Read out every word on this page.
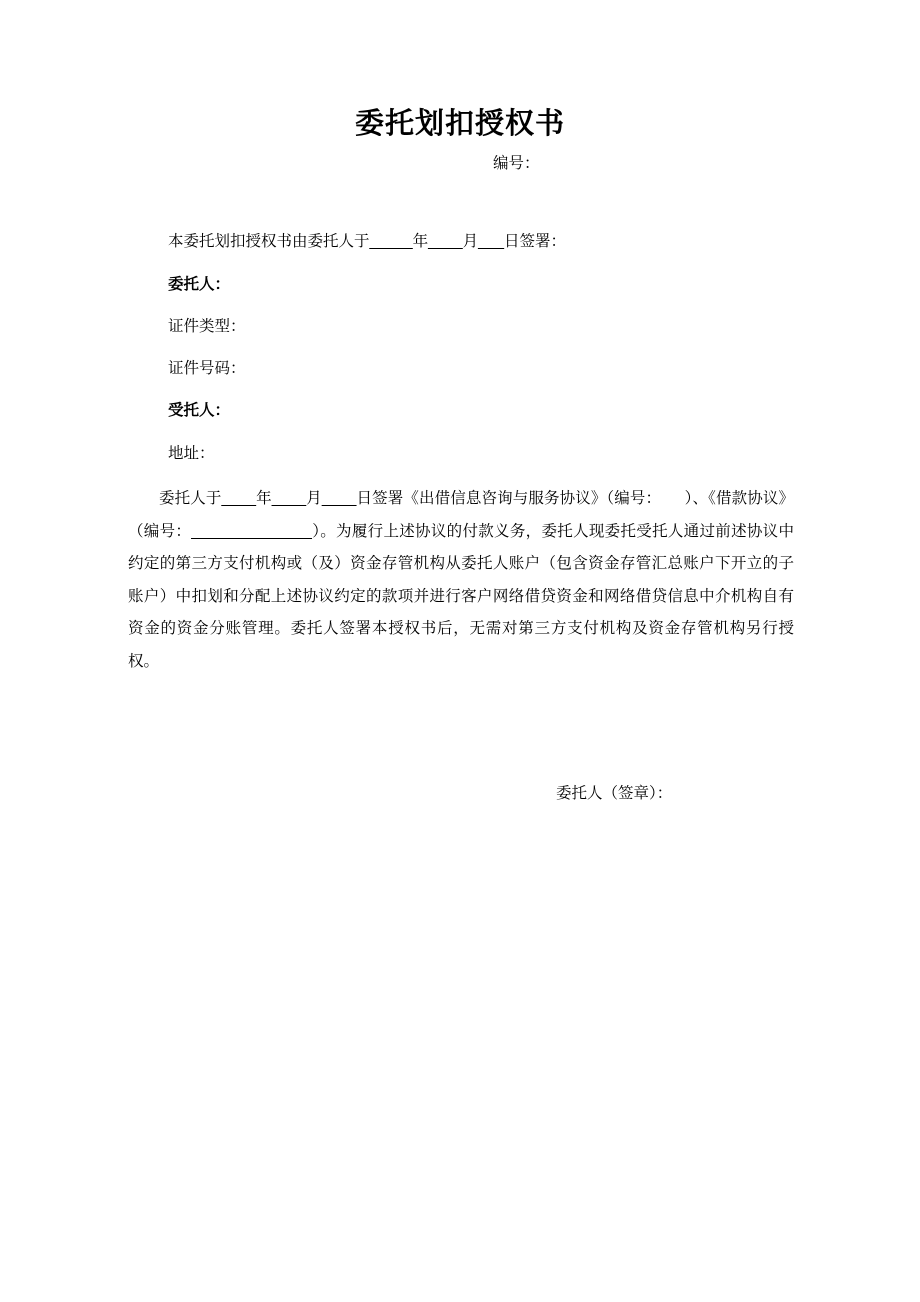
委托划扣授权书
编号：
本委托划扣授权书由委托人于_____年____月___日签署：
委托人：
证件类型：
证件号码：
受托人：
地址：
委托人于____年____月____日签署《出借信息咨询与服务协议》（编号：　　）、《借款协议》（编号：______________）。为履行上述协议的付款义务，委托人现委托受托人通过前述协议中约定的第三方支付机构或（及）资金存管机构从委托人账户（包含资金存管汇总账户下开立的子账户）中扣划和分配上述协议约定的款项并进行客户网络借贷资金和网络借贷信息中介机构自有资金的资金分账管理。委托人签署本授权书后，无需对第三方支付机构及资金存管机构另行授权。
委托人（签章）：
